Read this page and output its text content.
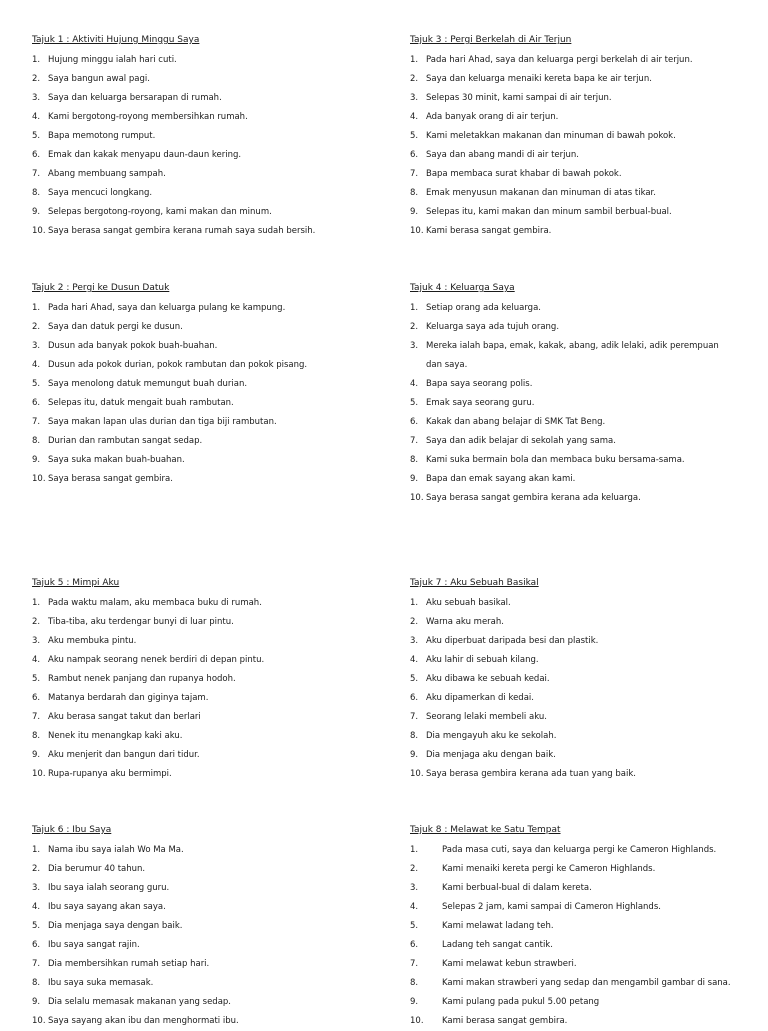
Tajuk 1 : Aktiviti Hujung Minggu Saya
1. Hujung minggu ialah hari cuti.
2. Saya bangun awal pagi.
3. Saya dan keluarga bersarapan di rumah.
4. Kami bergotong-royong membersihkan rumah.
5. Bapa memotong rumput.
6. Emak dan kakak menyapu daun-daun kering.
7. Abang membuang sampah.
8. Saya mencuci longkang.
9. Selepas bergotong-royong, kami makan dan minum.
10. Saya berasa sangat gembira kerana rumah saya sudah bersih.
Tajuk 3 : Pergi Berkelah di Air Terjun
1. Pada hari Ahad, saya dan keluarga pergi berkelah di air terjun.
2. Saya dan keluarga menaiki kereta bapa ke air terjun.
3. Selepas 30 minit, kami sampai di air terjun.
4. Ada banyak orang di air terjun.
5. Kami meletakkan makanan dan minuman di bawah pokok.
6. Saya dan abang mandi di air terjun.
7. Bapa membaca surat khabar di bawah pokok.
8. Emak menyusun makanan dan minuman di atas tikar.
9. Selepas itu, kami makan dan minum sambil berbual-bual.
10. Kami berasa sangat gembira.
Tajuk 2 : Pergi ke Dusun Datuk
1. Pada hari Ahad, saya dan keluarga pulang ke kampung.
2. Saya dan datuk pergi ke dusun.
3. Dusun ada banyak pokok buah-buahan.
4. Dusun ada pokok durian, pokok rambutan dan pokok pisang.
5. Saya menolong datuk memungut buah durian.
6. Selepas itu, datuk mengait buah rambutan.
7. Saya makan lapan ulas durian dan tiga biji rambutan.
8. Durian dan rambutan sangat sedap.
9. Saya suka makan buah-buahan.
10. Saya berasa sangat gembira.
Tajuk 4 : Keluarga Saya
1. Setiap orang ada keluarga.
2. Keluarga saya ada tujuh orang.
3. Mereka ialah bapa, emak, kakak, abang, adik lelaki, adik perempuan dan saya.
4. Bapa saya seorang polis.
5. Emak saya seorang guru.
6. Kakak dan abang belajar di SMK Tat Beng.
7. Saya dan adik belajar di sekolah yang sama.
8. Kami suka bermain bola dan membaca buku bersama-sama.
9. Bapa dan emak sayang akan kami.
10. Saya berasa sangat gembira kerana ada keluarga.
Tajuk 5 : Mimpi Aku
1. Pada waktu malam, aku membaca buku di rumah.
2. Tiba-tiba, aku terdengar bunyi di luar pintu.
3. Aku membuka pintu.
4. Aku nampak seorang nenek berdiri di depan pintu.
5. Rambut nenek panjang dan rupanya hodoh.
6. Matanya berdarah dan giginya tajam.
7. Aku berasa sangat takut dan berlari
8. Nenek itu menangkap kaki aku.
9. Aku menjerit dan bangun dari tidur.
10. Rupa-rupanya aku bermimpi.
Tajuk 7 : Aku Sebuah Basikal
1. Aku sebuah basikal.
2. Warna aku merah.
3. Aku diperbuat daripada besi dan plastik.
4. Aku lahir di sebuah kilang.
5. Aku dibawa ke sebuah kedai.
6. Aku dipamerkan di kedai.
7. Seorang lelaki membeli aku.
8. Dia mengayuh aku ke sekolah.
9. Dia menjaga aku dengan baik.
10. Saya berasa gembira kerana ada tuan yang baik.
Tajuk 6 : Ibu Saya
1. Nama ibu saya ialah Wo Ma Ma.
2. Dia berumur 40 tahun.
3. Ibu saya ialah seorang guru.
4. Ibu saya sayang akan saya.
5. Dia menjaga saya dengan baik.
6. Ibu saya sangat rajin.
7. Dia membersihkan rumah setiap hari.
8. Ibu saya suka memasak.
9. Dia selalu memasak makanan yang sedap.
10. Saya sayang akan ibu dan menghormati ibu.
Tajuk 8 : Melawat ke Satu Tempat
1.	Pada masa cuti, saya dan keluarga pergi ke Cameron Highlands.
2.	Kami menaiki kereta pergi ke Cameron Highlands.
3.	Kami berbual-bual di dalam kereta.
4.	Selepas 2 jam, kami sampai di Cameron Highlands.
5.	Kami melawat ladang teh.
6.	Ladang teh sangat cantik.
7.	Kami melawat kebun strawberi.
8.	Kami makan strawberi yang sedap dan mengambil gambar di sana.
9.	Kami pulang pada pukul 5.00 petang
10.	Kami berasa sangat gembira.
